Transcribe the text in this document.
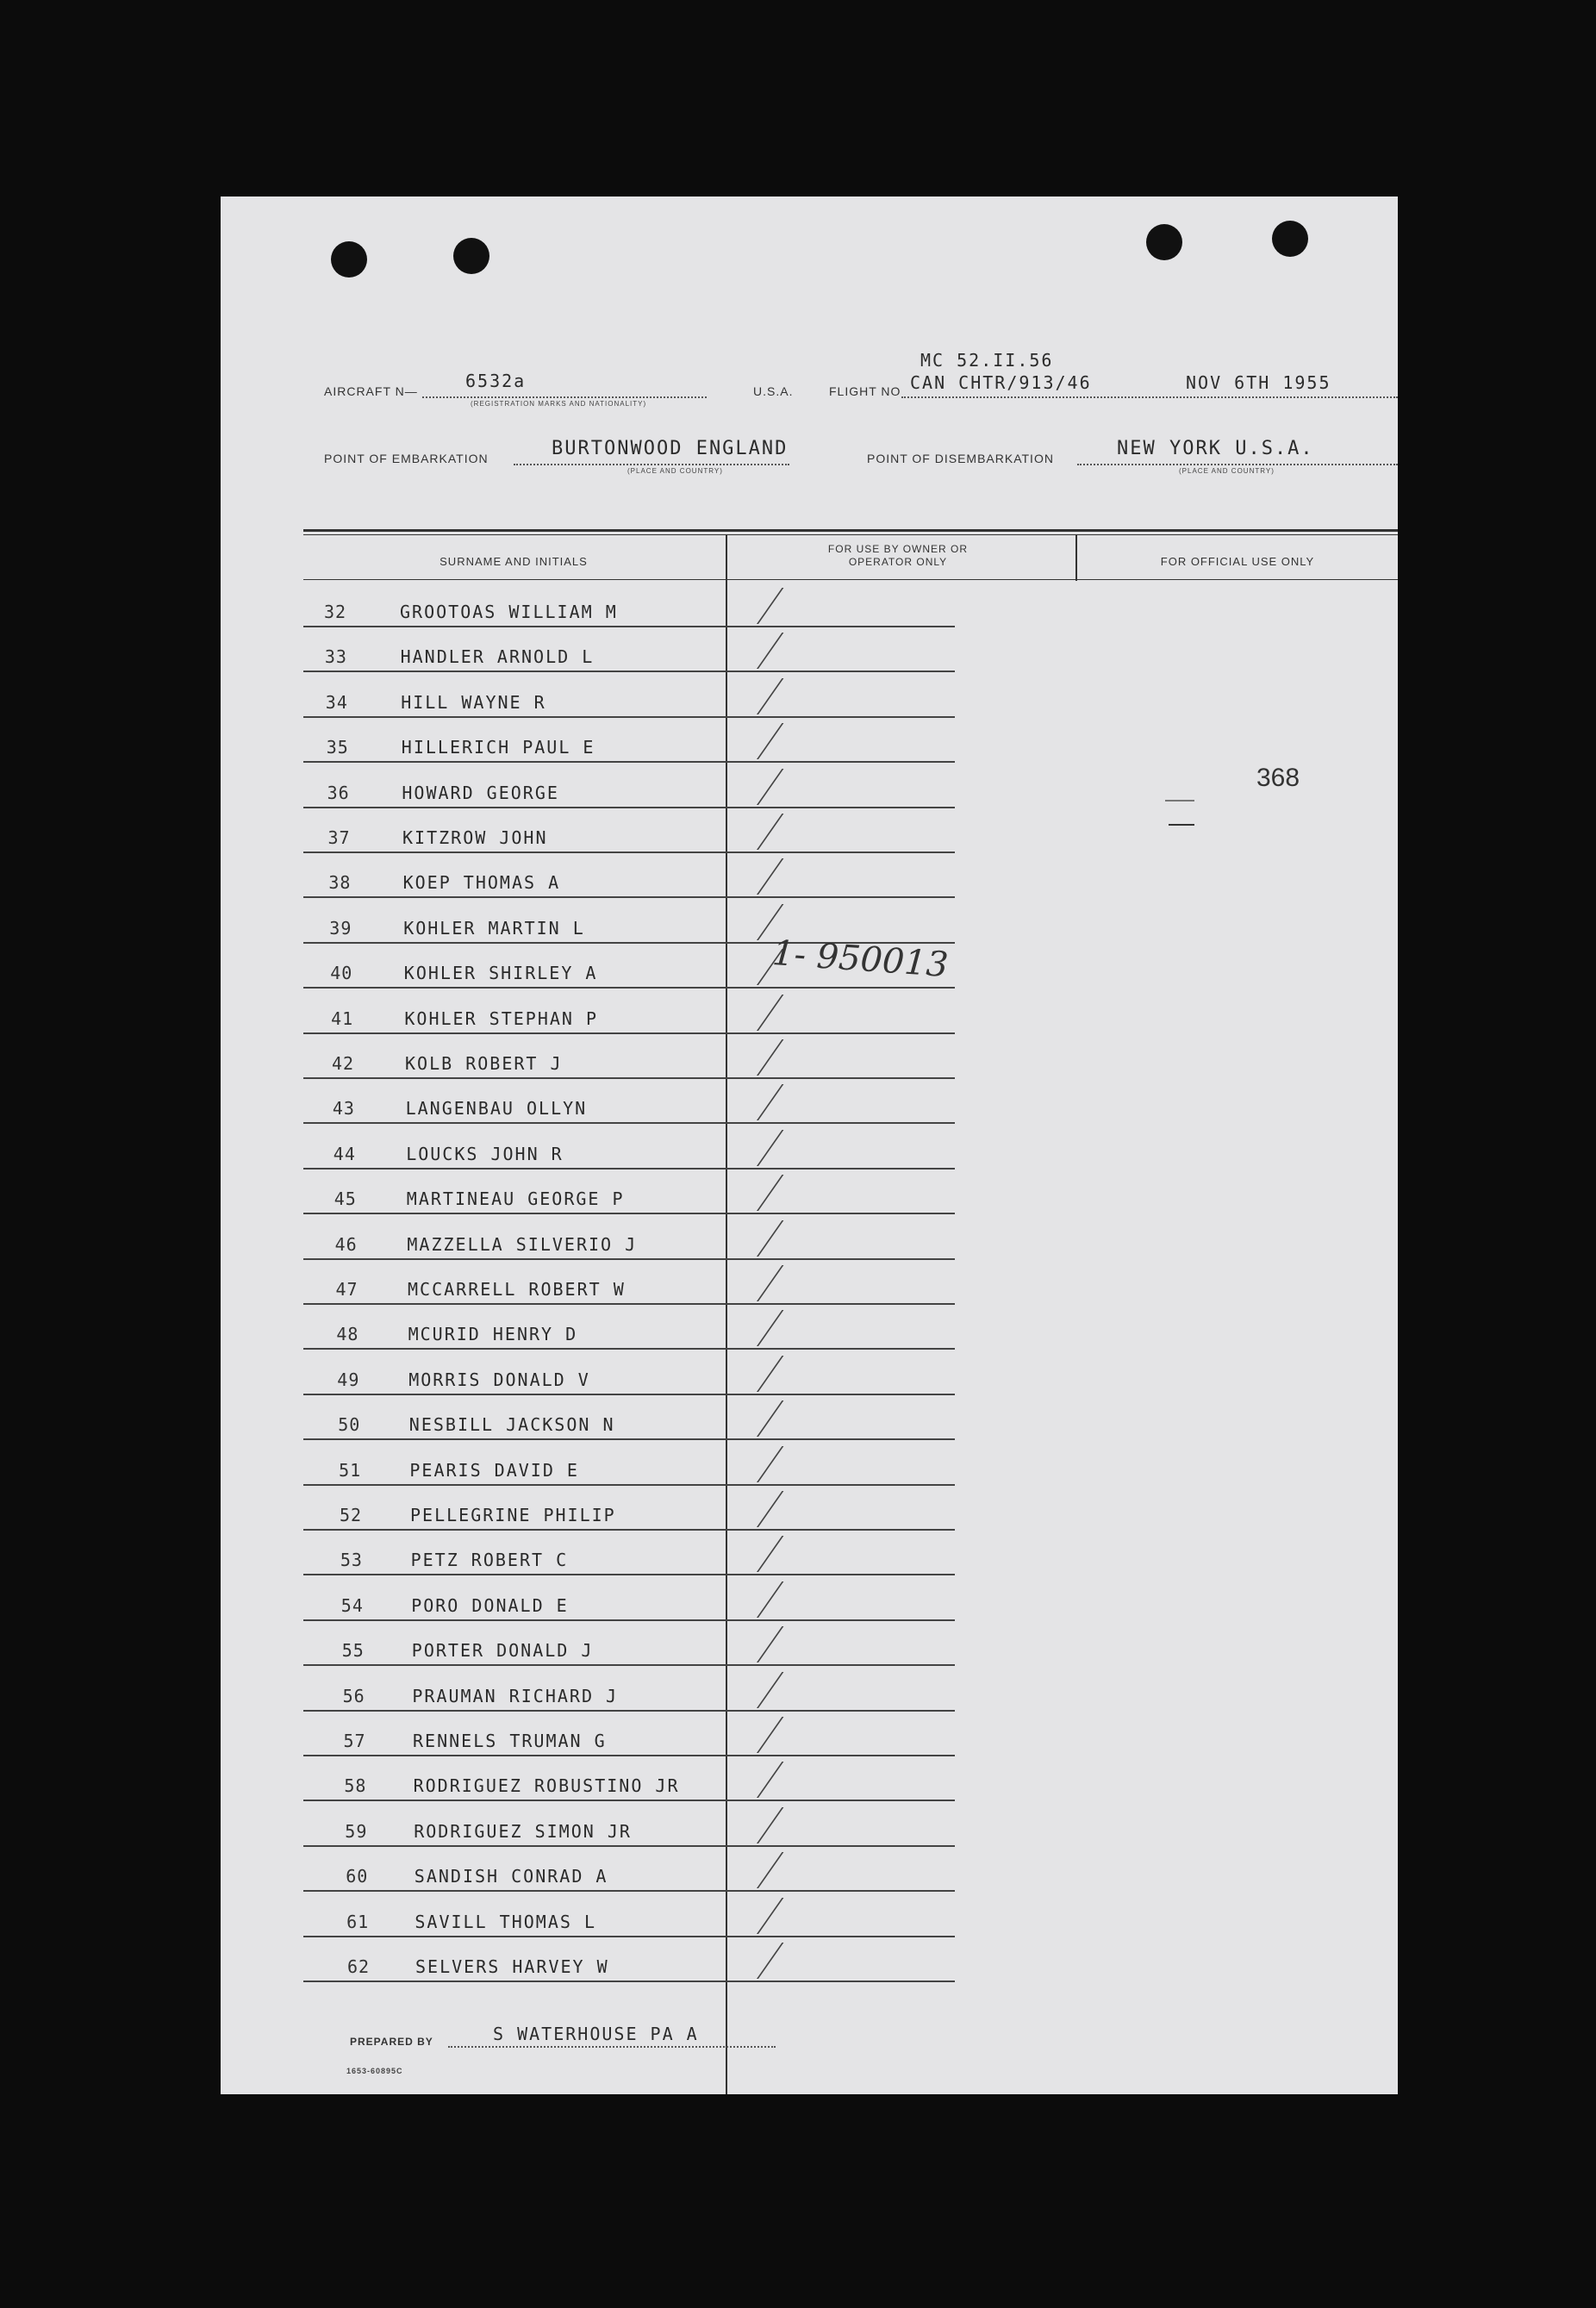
AIRCRAFT N—	6532a
(REGISTRATION MARKS AND NATIONALITY)
U.S.A.	FLIGHT NO
MC 52.II.56
CAN CHTR/913/46	NOV 6TH 1955
POINT OF EMBARKATION	BURTONWOOD ENGLAND
(PLACE AND COUNTRY)
POINT OF DISEMBARKATION	NEW YORK U.S.A.
(PLACE AND COUNTRY)
SURNAME AND INITIALS
FOR USE BY OWNER OR OPERATOR ONLY	FOR OFFICIAL USE ONLY
32	GROOTOAS WILLIAM M
33	HANDLER ARNOLD L
34	HILL WAYNE R
35	HILLERICH PAUL E
36	HOWARD GEORGE
37	KITZROW JOHN
38	KOEP THOMAS A
39	KOHLER MARTIN L
40	KOHLER SHIRLEY A
41	KOHLER STEPHAN P
42	KOLB ROBERT J
43	LANGENBAU OLLYN
44	LOUCKS JOHN R
45	MARTINEAU GEORGE P
46	MAZZELLA SILVERIO J
47	MCCARRELL ROBERT W
48	MCURID HENRY D
49	MORRIS DONALD V
50	NESBILL JACKSON N
51	PEARIS DAVID E
52	PELLEGRINE PHILIP
53	PETZ ROBERT C
54	PORO DONALD E
55	PORTER DONALD J
56	PRAUMAN RICHARD J
57	RENNELS TRUMAN G
58	RODRIGUEZ ROBUSTINO JR
59	RODRIGUEZ SIMON JR
60	SANDISH CONRAD A
61	SAVILL THOMAS L
62	SELVERS HARVEY W
1- 950013
368
PREPARED BY	S WATERHOUSE PA A
1653-60895C
